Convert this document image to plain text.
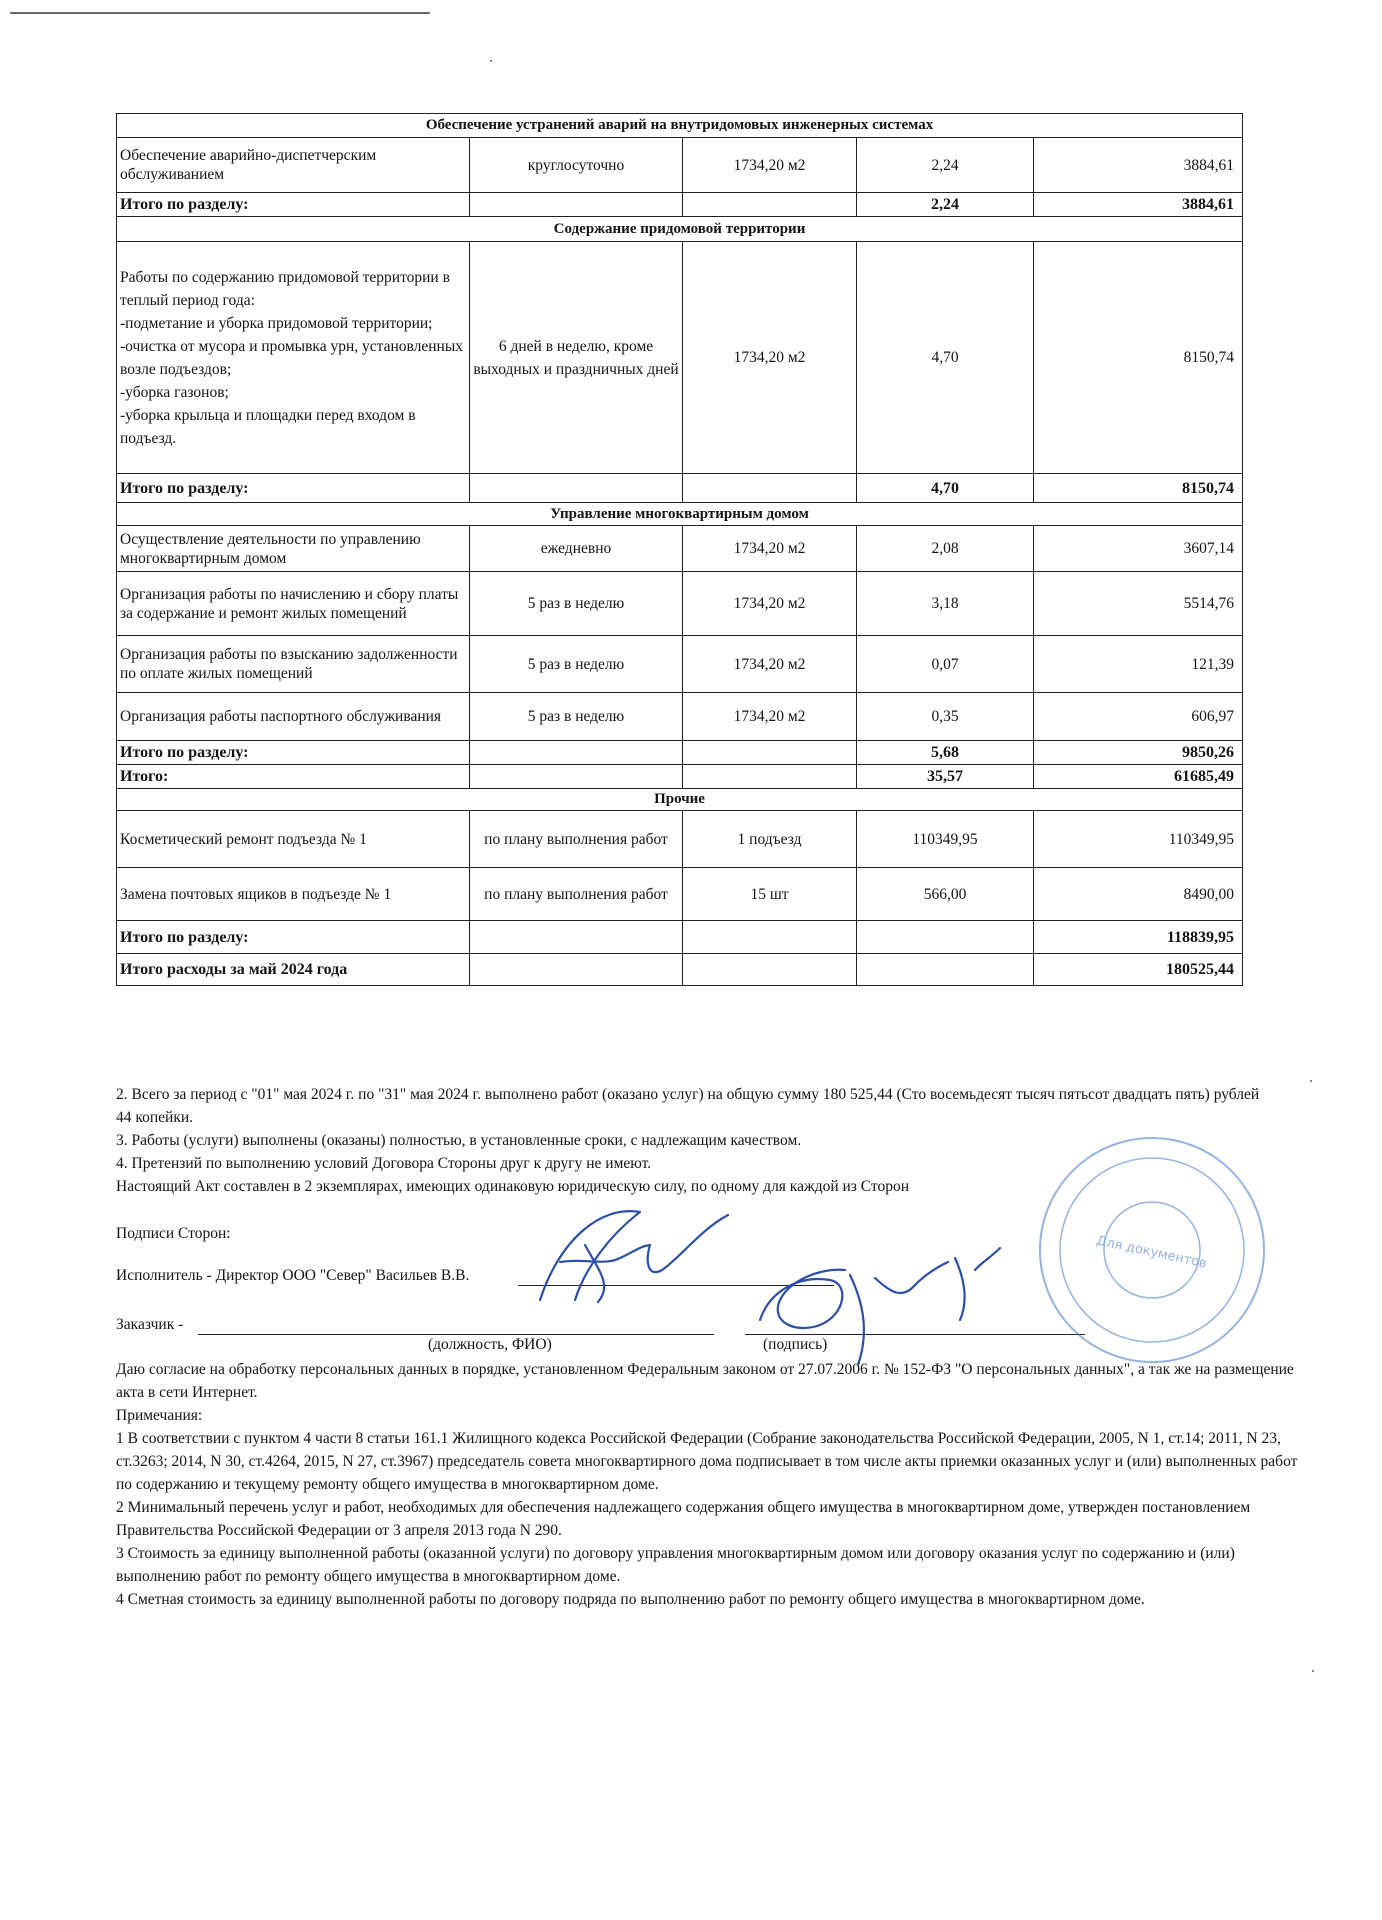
Обеспечение устранений аварий на внутридомовых инженерных системах				
Обеспечение аварийно-диспетчерским обслуживанием	круглосуточно	1734,20 м2	2,24	3884,61
Итого по разделу:			2,24	3884,61
Содержание придомовой территории				
Работы по содержанию придомовой территории в теплый период года:
-подметание и уборка придомовой территории;
-очистка от мусора и промывка урн, установленных возле подъездов;
-уборка газонов;
-уборка крыльца и площадки перед входом в подъезд.	6 дней в неделю, кроме выходных и праздничных дней	1734,20 м2	4,70	8150,74
Итого по разделу:			4,70	8150,74
Управление многоквартирным домом				
Осуществление деятельности по управлению многоквартирным домом	ежедневно	1734,20 м2	2,08	3607,14
Организация работы по начислению и сбору платы за содержание и ремонт жилых помещений	5 раз в неделю	1734,20 м2	3,18	5514,76
Организация работы по взысканию задолженности по оплате жилых помещений	5 раз в неделю	1734,20 м2	0,07	121,39
Организация работы паспортного обслуживания	5 раз в неделю	1734,20 м2	0,35	606,97
Итого по разделу:			5,68	9850,26
Итого:			35,57	61685,49
Прочие				
Косметический ремонт подъезда № 1	по плану выполнения работ	1 подъезд	110349,95	110349,95
Замена почтовых ящиков в подъезде № 1	по плану выполнения работ	15 шт	566,00	8490,00
Итого по разделу:				118839,95
Итого расходы за май 2024 года				180525,44

2. Всего за период с "01" мая 2024 г. по "31" мая 2024 г. выполнено работ (оказано услуг) на общую сумму 180 525,44 (Сто восемьдесят тысяч пятьсот двадцать пять) рублей 44 копейки.

3. Работы (услуги) выполнены (оказаны) полностью, в установленные сроки, с надлежащим качеством.

4. Претензий по выполнению условий Договора Стороны друг к другу не имеют.

Настоящий Акт составлен в 2 экземплярах, имеющих одинаковую юридическую силу, по одному для каждой из Сторон

Подписи Сторон:
Исполнитель - Директор ООО "Север" Васильев В.В.
Заказчик -
(должность, ФИО)	(подпись)
Даю согласие на обработку персональных данных в порядке, установленном Федеральным законом от 27.07.2006 г. № 152-ФЗ "О персональных данных", а так же на размещение акта в сети Интернет.

Примечания:

1 В соответствии с пунктом 4 части 8 статьи 161.1 Жилищного кодекса Российской Федерации (Собрание законодательства Российской Федерации, 2005, N 1, ст.14; 2011, N 23, ст.3263; 2014, N 30, ст.4264, 2015, N 27, ст.3967) председатель совета многоквартирного дома подписывает в том числе акты приемки оказанных услуг и (или) выполненных работ по содержанию и текущему ремонту общего имущества в многоквартирном доме.

2 Минимальный перечень услуг и работ, необходимых для обеспечения надлежащего содержания общего имущества в многоквартирном доме, утвержден постановлением Правительства Российской Федерации от 3 апреля 2013 года N 290.

3 Стоимость за единицу выполненной работы (оказанной услуги) по договору управления многоквартирным домом или договору оказания услуг по содержанию и (или) выполнению работ по ремонту общего имущества в многоквартирном доме.

4 Сметная стоимость за единицу выполненной работы по договору подряда по выполнению работ по ремонту общего имущества в многоквартирном доме.

Для документов
